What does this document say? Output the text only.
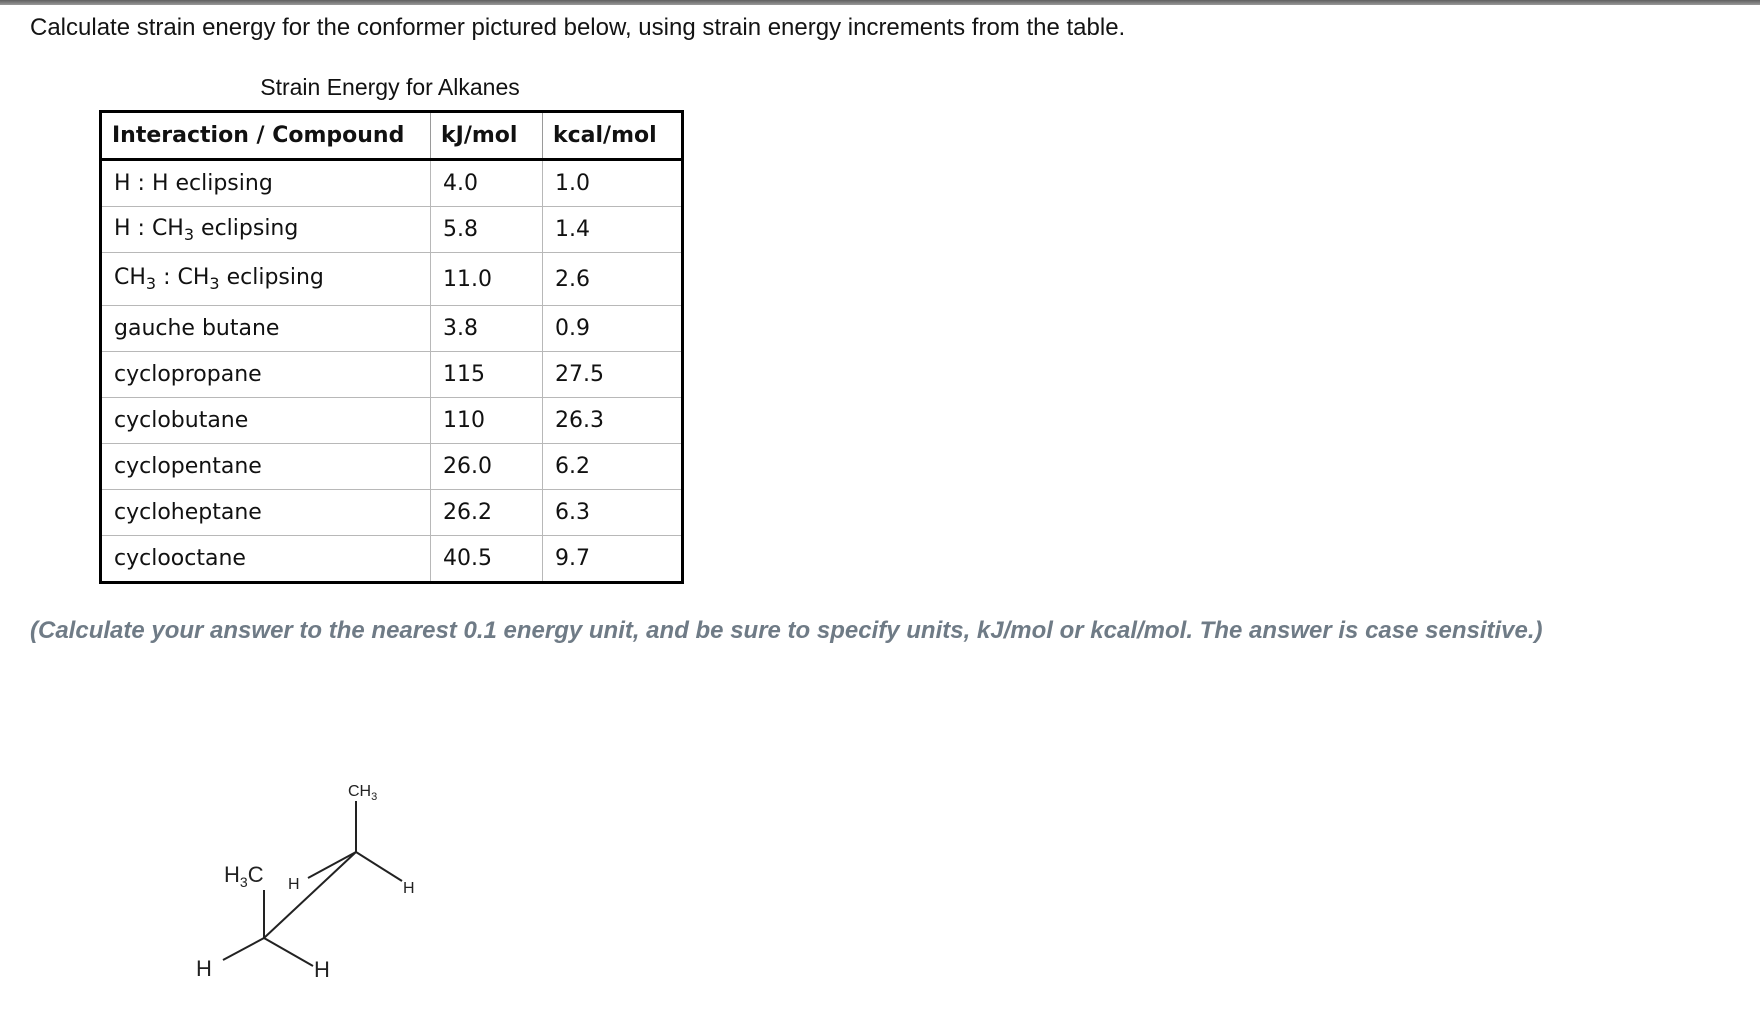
Calculate strain energy for the conformer pictured below, using strain energy increments from the table.
Strain Energy for Alkanes
Interaction / Compound	kJ/mol	kcal/mol
H : H eclipsing	4.0	1.0
H : $CH_3$ eclipsing	5.8	1.4
$CH_3$ : $CH_3$ eclipsing	11.0	2.6
gauche butane	3.8	0.9
cyclopropane	115	27.5
cyclobutane	110	26.3
cyclopentane	26.0	6.2
cycloheptane	26.2	6.3
cyclooctane	40.5	9.7
(Calculate your answer to the nearest 0.1 energy unit, and be sure to specify units, kJ/mol or kcal/mol. The answer is case sensitive.)
$CH_3$
$H_3C$ H	H
H	H
